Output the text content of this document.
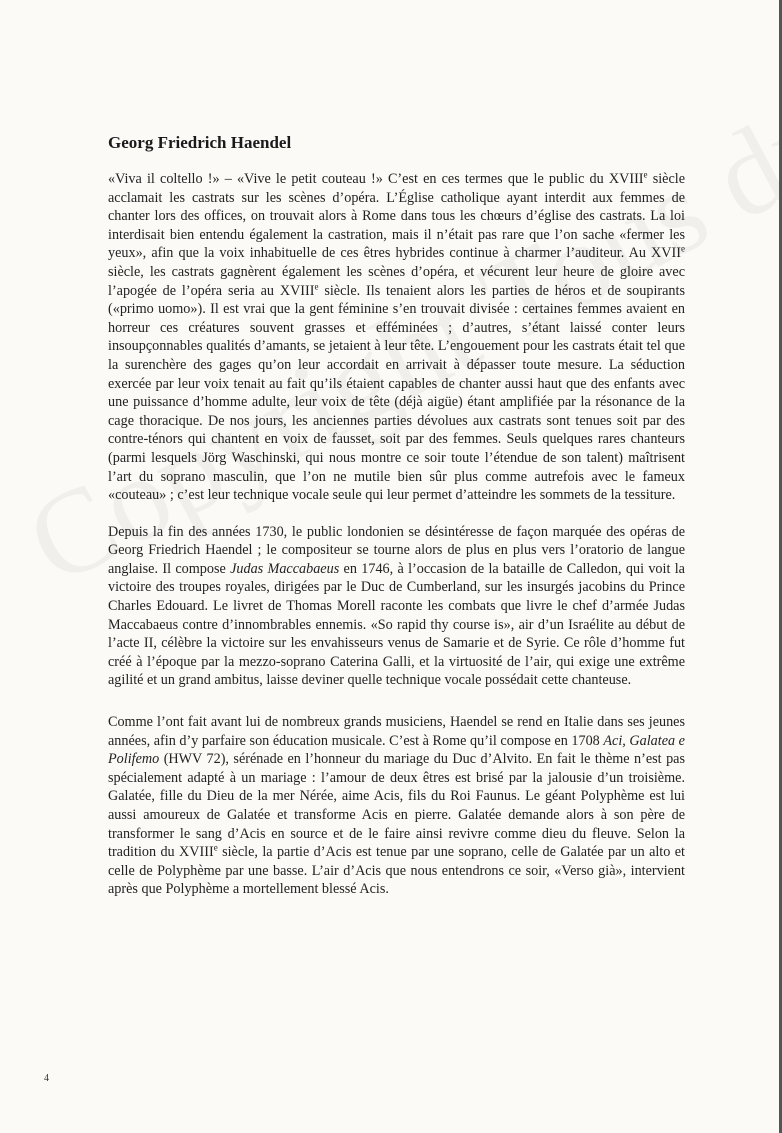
Georg Friedrich Haendel

«Viva il coltello !» – «Vive le petit couteau !» C’est en ces termes que le public du XVIIIe siècle acclamait les castrats sur les scènes d’opéra. L’Église catholique ayant interdit aux femmes de chanter lors des offices, on trouvait alors à Rome dans tous les chœurs d’église des castrats. La loi interdisait bien entendu également la castration, mais il n’était pas rare que l’on sache «fermer les yeux», afin que la voix inhabituelle de ces êtres hybrides continue à charmer l’auditeur. Au XVIIe siècle, les castrats gagnèrent également les scènes d’opéra, et vécurent leur heure de gloire avec l’apogée de l’opéra seria au XVIIIe siècle. Ils tenaient alors les parties de héros et de soupirants («primo uomo»). Il est vrai que la gent féminine s’en trouvait divisée : certaines femmes avaient en horreur ces créatures souvent grasses et efféminées ; d’autres, s’étant laissé conter leurs insoupçonnables qualités d’amants, se jetaient à leur tête. L’engouement pour les castrats était tel que la surenchère des gages qu’on leur accordait en arrivait à dépasser toute mesure. La séduction exercée par leur voix tenait au fait qu’ils étaient capables de chanter aussi haut que des enfants avec une puissance d’homme adulte, leur voix de tête (déjà aigüe) étant amplifiée par la résonance de la cage thoracique. De nos jours, les anciennes parties dévolues aux castrats sont tenues soit par des contre-ténors qui chantent en voix de fausset, soit par des femmes. Seuls quelques rares chanteurs (parmi lesquels Jörg Waschinski, qui nous montre ce soir toute l’étendue de son talent) maîtrisent l’art du soprano masculin, que l’on ne mutile bien sûr plus comme autrefois avec le fameux «couteau» ; c’est leur technique vocale seule qui leur permet d’atteindre les sommets de la tessiture.

Depuis la fin des années 1730, le public londonien se désintéresse de façon marquée des opéras de Georg Friedrich Haendel ; le compositeur se tourne alors de plus en plus vers l’oratorio de langue anglaise. Il compose Judas Maccabaeus en 1746, à l’occasion de la bataille de Calledon, qui voit la victoire des troupes royales, dirigées par le Duc de Cumberland, sur les insurgés jacobins du Prince Charles Edouard. Le livret de Thomas Morell raconte les combats que livre le chef d’armée Judas Maccabaeus contre d’innombrables ennemis. «So rapid thy course is», air d’un Israélite au début de l’acte II, célèbre la victoire sur les envahisseurs venus de Samarie et de Syrie. Ce rôle d’homme fut créé à l’époque par la mezzo-soprano Caterina Galli, et la virtuosité de l’air, qui exige une extrême agilité et un grand ambitus, laisse deviner quelle technique vocale possédait cette chanteuse.

Comme l’ont fait avant lui de nombreux grands musiciens, Haendel se rend en Italie dans ses jeunes années, afin d’y parfaire son éducation musicale. C’est à Rome qu’il compose en 1708 Aci, Galatea e Polifemo (HWV 72), sérénade en l’honneur du mariage du Duc d’Alvito. En fait le thème n’est pas spécialement adapté à un mariage : l’amour de deux êtres est brisé par la jalousie d’un troisième. Galatée, fille du Dieu de la mer Nérée, aime Acis, fils du Roi Faunus. Le géant Polyphème est lui aussi amoureux de Galatée et transforme Acis en pierre. Galatée demande alors à son père de transformer le sang d’Acis en source et de le faire ainsi revivre comme dieu du fleuve. Selon la tradition du XVIIIe siècle, la partie d’Acis est tenue par une soprano, celle de Galatée par un alto et celle de Polyphème par une basse. L’air d’Acis que nous entendrons ce soir, «Verso già», intervient après que Polyphème a mortellement blessé Acis.

4
